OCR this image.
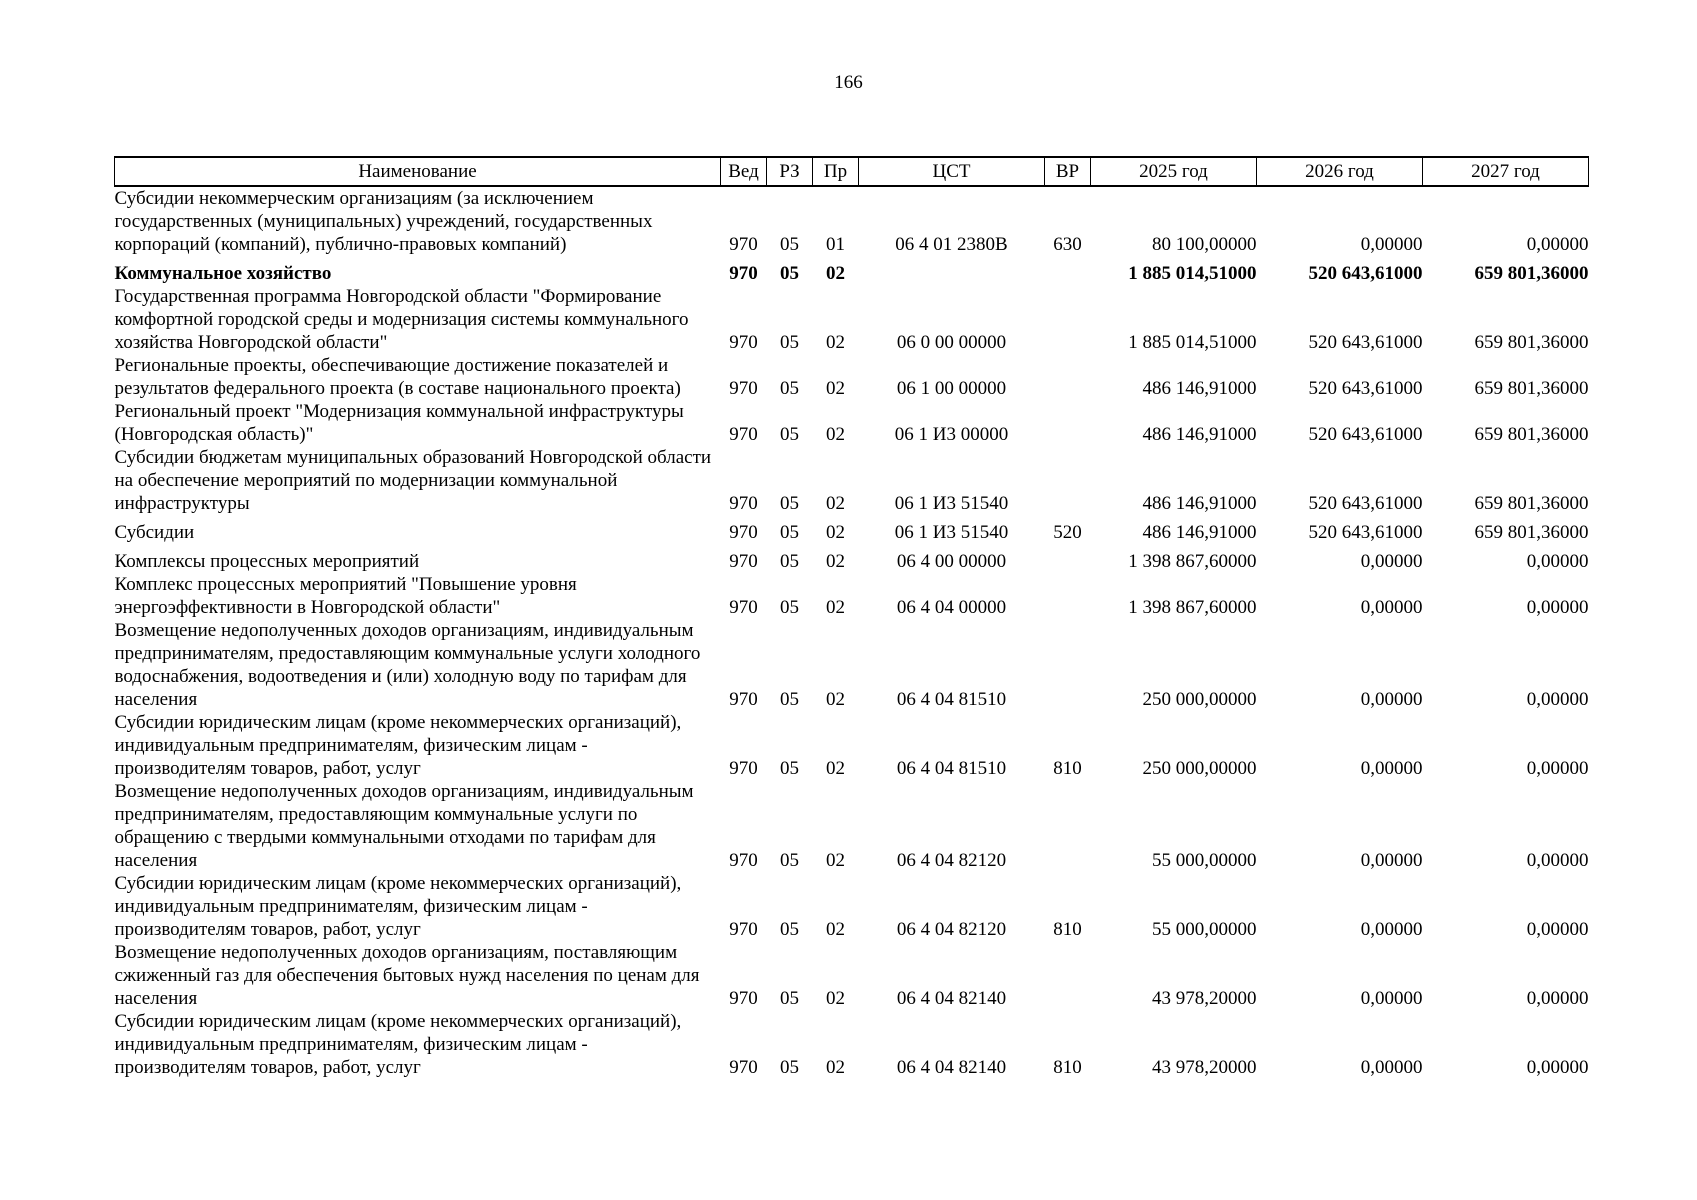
166
Наименование	Вед	РЗ	Пр	ЦСТ	ВР	2025 год	2026 год	2027 год
Субсидии некоммерческим организациям (за исключением государственных (муниципальных) учреждений, государственных корпораций (компаний), публично-правовых компаний)	970	05	01	06 4 01 2380В	630	80 100,00000	0,00000	0,00000
Коммунальное хозяйство	970	05	02			1 885 014,51000	520 643,61000	659 801,36000
Государственная программа Новгородской области "Формирование комфортной городской среды и модернизация системы коммунального хозяйства Новгородской области"	970	05	02	06 0 00 00000		1 885 014,51000	520 643,61000	659 801,36000
Региональные проекты, обеспечивающие достижение показателей и результатов федерального проекта (в составе национального проекта)	970	05	02	06 1 00 00000		486 146,91000	520 643,61000	659 801,36000
Региональный проект "Модернизация коммунальной инфраструктуры (Новгородская область)"	970	05	02	06 1 И3 00000		486 146,91000	520 643,61000	659 801,36000
Субсидии бюджетам муниципальных образований Новгородской области на обеспечение мероприятий по модернизации коммунальной инфраструктуры	970	05	02	06 1 И3 51540		486 146,91000	520 643,61000	659 801,36000
Субсидии	970	05	02	06 1 И3 51540	520	486 146,91000	520 643,61000	659 801,36000
Комплексы процессных мероприятий	970	05	02	06 4 00 00000		1 398 867,60000	0,00000	0,00000
Комплекс процессных мероприятий "Повышение уровня энергоэффективности в Новгородской области"	970	05	02	06 4 04 00000		1 398 867,60000	0,00000	0,00000
Возмещение недополученных доходов организациям, индивидуальным предпринимателям, предоставляющим коммунальные услуги холодного водоснабжения, водоотведения и (или) холодную воду по тарифам для населения	970	05	02	06 4 04 81510		250 000,00000	0,00000	0,00000
Субсидии юридическим лицам (кроме некоммерческих организаций), индивидуальным предпринимателям, физическим лицам - производителям товаров, работ, услуг	970	05	02	06 4 04 81510	810	250 000,00000	0,00000	0,00000
Возмещение недополученных доходов организациям, индивидуальным предпринимателям, предоставляющим коммунальные услуги по обращению с твердыми коммунальными отходами по тарифам для населения	970	05	02	06 4 04 82120		55 000,00000	0,00000	0,00000
Субсидии юридическим лицам (кроме некоммерческих организаций), индивидуальным предпринимателям, физическим лицам - производителям товаров, работ, услуг	970	05	02	06 4 04 82120	810	55 000,00000	0,00000	0,00000
Возмещение недополученных доходов организациям, поставляющим сжиженный газ для обеспечения бытовых нужд населения по ценам для населения	970	05	02	06 4 04 82140		43 978,20000	0,00000	0,00000
Субсидии юридическим лицам (кроме некоммерческих организаций), индивидуальным предпринимателям, физическим лицам - производителям товаров, работ, услуг	970	05	02	06 4 04 82140	810	43 978,20000	0,00000	0,00000
